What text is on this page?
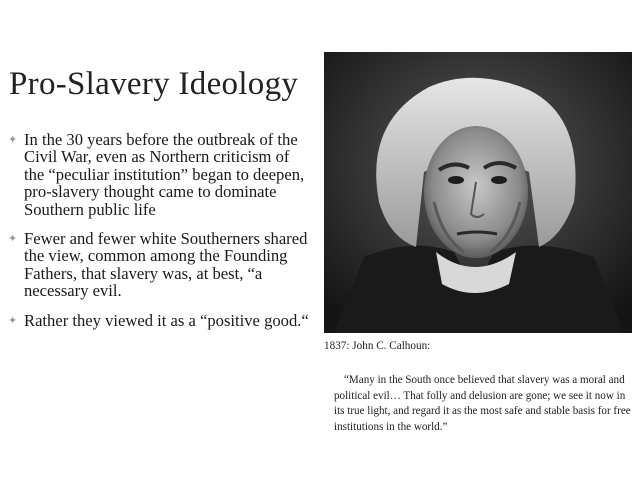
Pro-Slavery Ideology
✦ In the 30 years before the outbreak of the Civil War, even as Northern criticism of the “peculiar institution” began to deepen, pro-slavery thought came to dominate Southern public life
✦ Fewer and fewer white Southerners shared the view, common among the Founding Fathers, that slavery was, at best, “a necessary evil.
✦ Rather they viewed it as a “positive good.“
1837: John C. Calhoun:
“Many in the South once believed that slavery was a moral and political evil… That folly and delusion are gone; we see it now in its true light, and regard it as the most safe and stable basis for free institutions in the world.”
